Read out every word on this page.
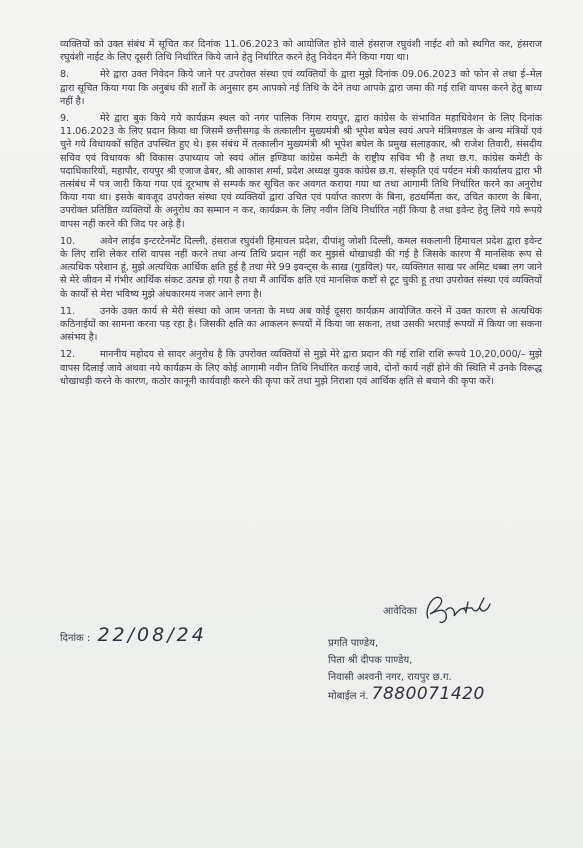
व्यक्तियों को उक्त संबंध में सूचित कर दिनांक 11.06.2023 को आयोजित होने वाले हंसराज रघुवंशी नाईट शो को स्थगित कर, हंसराज रघुवंशी नाईट के लिए दूसरी तिथि निर्धारित किये जाने हेतु निर्धारित करने हेतु निवेदन मैंने किया गया था।

8.	मेरे द्वारा उक्त निवेदन किये जाने पर उपरोक्त संस्था एवं व्यक्तियों के द्वारा मुझे दिनांक 09.06.2023 को फोन से तथा ई–मेल द्वारा सूचित किया गया कि अनुबंध की शर्तों के अनुसार हम आपको नई तिथि के देने तथा आपके द्वारा जमा की गई राशि वापस करने हेतु बाध्य नहीं है।

9.	मेरे द्वारा बुक किये गये कार्यक्रम स्थल को नगर पालिक निगम रायपुर, द्वारा कांग्रेस के संभावित महाधिवेशन के लिए दिनांक 11.06.2023 के लिए प्रदान किया था जिसमें छत्तीसगढ़ के तत्कालीन मुख्यमंत्री श्री भूपेश बघेल स्वयं अपने मंत्रिमण्डल के अन्य मंत्रियों एवं चुने गये विधायकों सहित उपस्थित हुए थे। इस संबंध में तत्कालीन मुख्यमंत्री श्री भूपेश बघेल के प्रमुख सलाहकार, श्री राजेश तिवारी, संसदीय सचिव एवं विधायक श्री विकास उपाध्याय जो स्वयं ऑल इण्डिया कांग्रेस कमेटी के राष्ट्रीय सचिव भी है तथा छ.ग. कांग्रेस कमेटी के पदाधिकारियों, महापौर, रायपुर श्री एजाज ढेबर, श्री आकाश शर्मा, प्रदेश अध्यक्ष युवक कांग्रेस छ.ग. संस्कृति एवं पर्यटन मंत्री कार्यालय द्वारा भी तत्संबंध में पत्र जारी किया गया एवं दूरभाष से सम्पर्क कर सूचित कर अवगत कराया गया था तथा आगामी तिथि निर्धारित करने का अनुरोध किया गया था। इसके बावजूद उपरोक्त संस्था एवं व्यक्तियों द्वारा उचित एवं पर्याप्त कारण के बिना, हठधर्मिता कर, उचित कारण के बिना, उपरोक्त प्रतिष्ठित व्यक्तियों के अनुरोध का सम्मान न कर, कार्यक्रम के लिए नवीन तिथि निर्धारित नहीं किया है तथा इवेन्ट हेतु लिये गये रूपये वापस नहीं करने की जिद पर अड़े हैं।

10.	अवेन लाईव इन्टरटेनमेंट दिल्ली, हंसराज रघुवंशी हिमाचल प्रदेश, दीपांशु जोशी दिल्ली, कमल सकलानी हिमाचल प्रदेश द्वारा इवेन्ट के लिए राशि लेकर राशि वापस नहीं करने तथा अन्य तिथि प्रदान नहीं कर मुझसे धोखाधड़ी की गई है जिसके कारण मैं मानसिक रूप से अत्यधिक परेशान हूं, मुझे अत्यधिक आर्थिक क्षति हुई है तथा मेरे 99 इवन्ट्स के साख (गुडविल) पर, व्यक्तिगत साख पर अमिट धब्बा लग जाने से मेरे जीवन में गंभीर आर्थिक संकट उत्पन्न हो गया है तथा मैं आर्थिक क्षति एवं मानसिक कष्टों से टूट चुकी हू तथा उपरोक्त संस्था एवं व्यक्तियों के कार्यों से मेरा भविष्य मुझे अंधकारमय नजर आने लगा है।

11.	उनके उक्त कार्य से मेरी संस्था को आम जनता के मध्य अब कोई दूसरा कार्यक्रम आयोजित करने में उक्त कारण से अत्यधिक कठिनाईयों का सामना करना पड़ रहा है। जिसकी क्षति का आकलन रूपयों में किया जा सकना, तथा उसकी भरपाई रूपयों में किया जा सकना असंभव है।

12.	माननीय महोदय से सादर अनुरोध है कि उपरोक्त व्यक्तियों से मुझे मेरे द्वारा प्रदान की गई राशि राशि रूपये 10,20,000/– मुझे वापस दिलाई जावे अथवा नये कार्यक्रम के लिए कोई आगामी नवीन तिथि निर्धारित कराई जावे, दोनों कार्य नहीं होने की स्थिति में उनके विरूद्ध धोखाधड़ी करने के कारण, कठोर कानूनी कार्यवाही करने की कृपा करें तथा मुझे निराशा एवं आर्थिक क्षति से बचाने की कृपा करें।

दिनांक : 22/08/24
आवेदिका
प्रगति पाण्डेय,
पिता श्री दीपक पाण्डेय,
निवासी अश्वनी नगर, रायपुर छ.ग.
मोबाईल नं. 7880071420
